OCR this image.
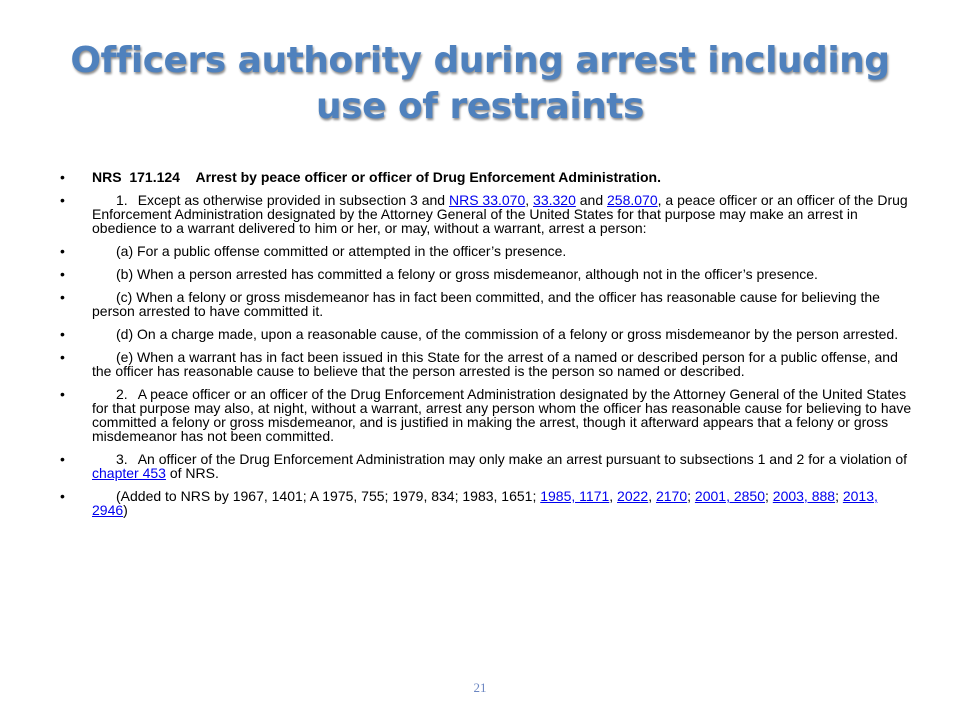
Officers authority during arrest including use of restraints
• NRS  171.124    Arrest by peace officer or officer of Drug Enforcement Administration.
•	1. Except as otherwise provided in subsection 3 and NRS 33.070, 33.320 and 258.070, a peace officer or an officer of the Drug Enforcement Administration designated by the Attorney General of the United States for that purpose may make an arrest in obedience to a warrant delivered to him or her, or may, without a warrant, arrest a person:
•	(a) For a public offense committed or attempted in the officer’s presence.
•	(b) When a person arrested has committed a felony or gross misdemeanor, although not in the officer’s presence.
•	(c) When a felony or gross misdemeanor has in fact been committed, and the officer has reasonable cause for believing the person arrested to have committed it.
•	(d) On a charge made, upon a reasonable cause, of the commission of a felony or gross misdemeanor by the person arrested.
•	(e) When a warrant has in fact been issued in this State for the arrest of a named or described person for a public offense, and the officer has reasonable cause to believe that the person arrested is the person so named or described.
•	2. A peace officer or an officer of the Drug Enforcement Administration designated by the Attorney General of the United States for that purpose may also, at night, without a warrant, arrest any person whom the officer has reasonable cause for believing to have committed a felony or gross misdemeanor, and is justified in making the arrest, though it afterward appears that a felony or gross misdemeanor has not been committed.
•	3. An officer of the Drug Enforcement Administration may only make an arrest pursuant to subsections 1 and 2 for a violation of chapter 453 of NRS.
•	(Added to NRS by 1967, 1401; A 1975, 755; 1979, 834; 1983, 1651; 1985, 1171, 2022, 2170; 2001, 2850; 2003, 888; 2013, 2946)
21
